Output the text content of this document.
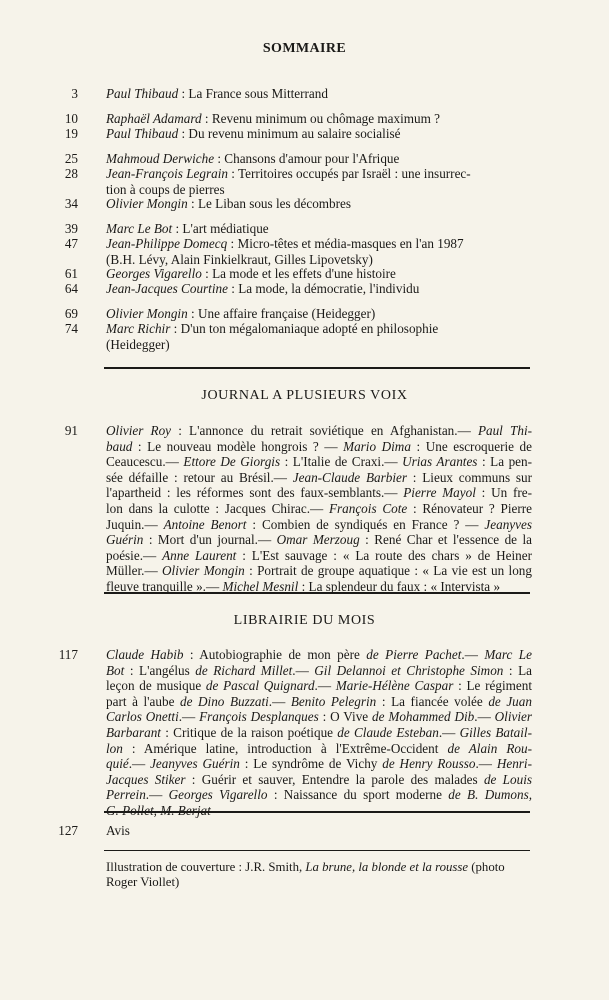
SOMMAIRE
3 Paul Thibaud : La France sous Mitterrand
10 Raphaël Adamard : Revenu minimum ou chômage maximum ?
19 Paul Thibaud : Du revenu minimum au salaire socialisé
25 Mahmoud Derwiche : Chansons d'amour pour l'Afrique
28 Jean-François Legrain : Territoires occupés par Israël : une insurrec-
tion à coups de pierres
34 Olivier Mongin : Le Liban sous les décombres
39 Marc Le Bot : L'art médiatique
47 Jean-Philippe Domecq : Micro-têtes et média-masques en l'an 1987
(B.H. Lévy, Alain Finkielkraut, Gilles Lipovetsky)
61 Georges Vigarello : La mode et les effets d'une histoire
64 Jean-Jacques Courtine : La mode, la démocratie, l'individu
69 Olivier Mongin : Une affaire française (Heidegger)
74 Marc Richir : D'un ton mégalomaniaque adopté en philosophie
(Heidegger)
JOURNAL A PLUSIEURS VOIX
91 Olivier Roy : L'annonce du retrait soviétique en Afghanistan.— Paul Thi-
baud : Le nouveau modèle hongrois ? — Mario Dima : Une escroquerie de
Ceaucescu.— Ettore De Giorgis : L'Italie de Craxi.— Urias Arantes : La pen-
sée défaille : retour au Brésil.— Jean-Claude Barbier : Lieux communs sur
l'apartheid : les réformes sont des faux-semblants.— Pierre Mayol : Un fre-
lon dans la culotte : Jacques Chirac.— François Cote : Rénovateur ? Pierre
Juquin.— Antoine Benort : Combien de syndiqués en France ? — Jeanyves
Guérin : Mort d'un journal.— Omar Merzoug : René Char et l'essence de la
poésie.— Anne Laurent : L'Est sauvage : « La route des chars » de Heiner
Müller.— Olivier Mongin : Portrait de groupe aquatique : « La vie est un long
fleuve tranquille ».— Michel Mesnil : La splendeur du faux : « Intervista »
LIBRAIRIE DU MOIS
117 Claude Habib : Autobiographie de mon père de Pierre Pachet.— Marc Le
Bot : L'angélus de Richard Millet.— Gil Delannoi et Christophe Simon : La
leçon de musique de Pascal Quignard.— Marie-Hélène Caspar : Le régiment
part à l'aube de Dino Buzzati.— Benito Pelegrin : La fiancée volée de Juan
Carlos Onetti.— François Desplanques : O Vive de Mohammed Dib.— Olivier
Barbarant : Critique de la raison poétique de Claude Esteban.— Gilles Batail-
lon : Amérique latine, introduction à l'Extrême-Occident de Alain Rou-
quié.— Jeanyves Guérin : Le syndrôme de Vichy de Henry Rousso.— Henri-
Jacques Stiker : Guérir et sauver, Entendre la parole des malades de Louis
Perrein.— Georges Vigarello : Naissance du sport moderne de B. Dumons,
G. Pollet, M. Berjat
127 Avis
Illustration de couverture : J.R. Smith, La brune, la blonde et la rousse (photo
Roger Viollet)
